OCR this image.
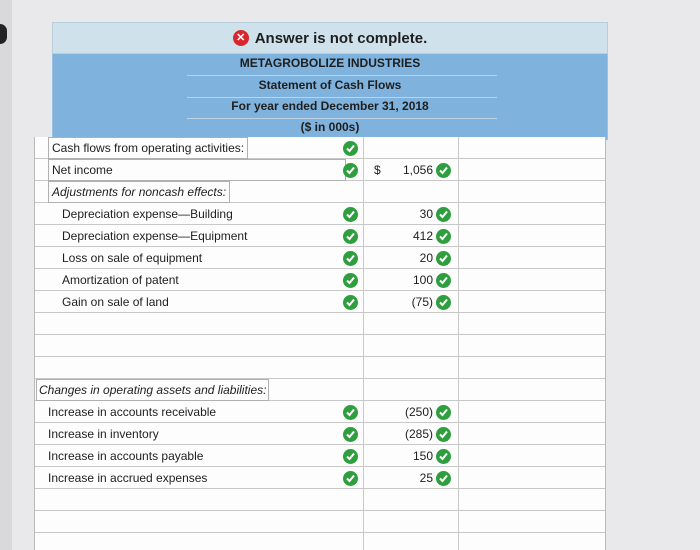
✕ Answer is not complete.
METAGROBOLIZE INDUSTRIES
Statement of Cash Flows
For year ended December 31, 2018
($ in 000s)
Cash flows from operating activities:
Net income	$	1,056
Adjustments for noncash effects:
Depreciation expense—Building	30
Depreciation expense—Equipment	412
Loss on sale of equipment	20
Amortization of patent	100
Gain on sale of land	(75)
Changes in operating assets and liabilities:
Increase in accounts receivable	(250)
Increase in inventory	(285)
Increase in accounts payable	150
Increase in accrued expenses	25
